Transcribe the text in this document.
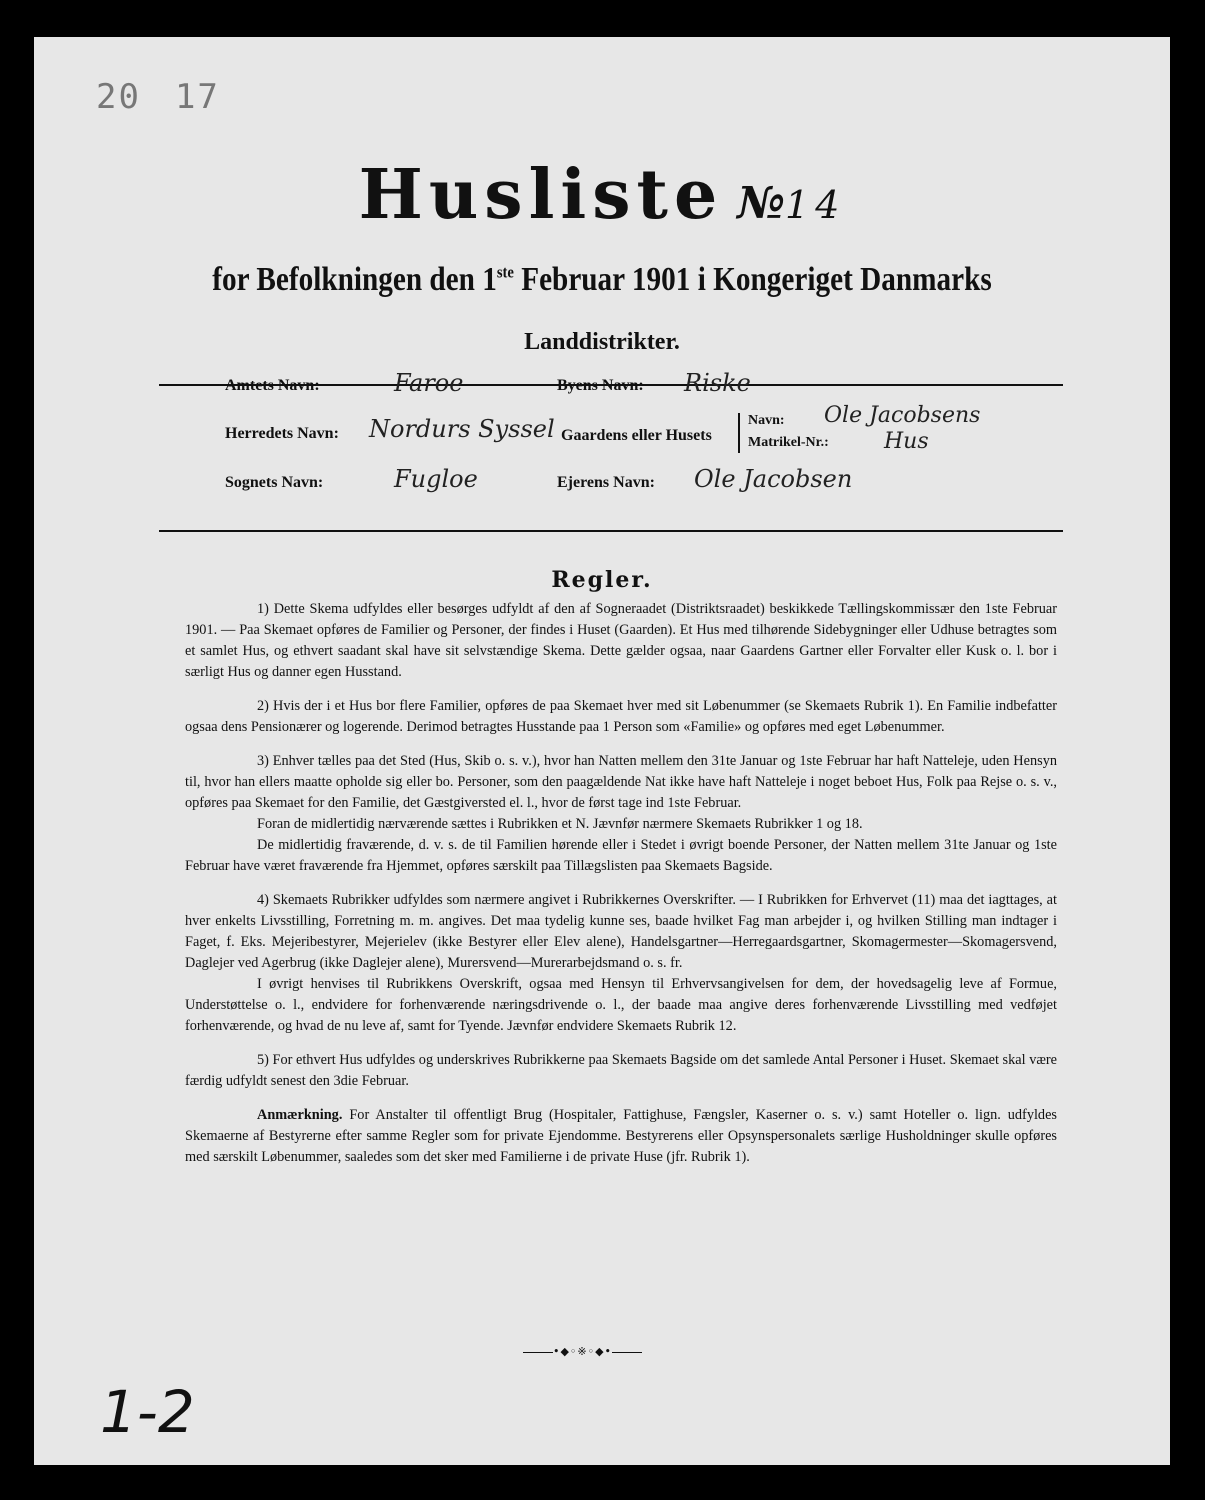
20 17
Husliste №14
for Befolkningen den 1ste Februar 1901 i Kongeriget Danmarks
Landdistrikter.
Amtets Navn:	Faroe	Byens Navn: Riske
Herredets Navn: Nordurs Syssel Gaardens eller Husets
Navn: Ole Jacobsens
Matrikel-Nr.:	Hus
Sognets Navn:	Fugloe	Ejerens Navn: Ole Jacobsen
Regler.

1) Dette Skema udfyldes eller besørges udfyldt af den af Sogneraadet (Distriktsraadet) beskikkede Tællingskommissær den 1ste Februar 1901. — Paa Skemaet opføres de Familier og Personer, der findes i Huset (Gaarden). Et Hus med tilhørende Sidebygninger eller Udhuse betragtes som et samlet Hus, og ethvert saadant skal have sit selvstændige Skema. Dette gælder ogsaa, naar Gaardens Gartner eller Forvalter eller Kusk o. l. bor i særligt Hus og danner egen Husstand.

2) Hvis der i et Hus bor flere Familier, opføres de paa Skemaet hver med sit Løbenummer (se Skemaets Rubrik 1). En Familie indbefatter ogsaa dens Pensionærer og logerende. Derimod betragtes Husstande paa 1 Person som «Familie» og opføres med eget Løbenummer.

3) Enhver tælles paa det Sted (Hus, Skib o. s. v.), hvor han Natten mellem den 31te Januar og 1ste Februar har haft Natteleje, uden Hensyn til, hvor han ellers maatte opholde sig eller bo. Personer, som den paagældende Nat ikke have haft Natteleje i noget beboet Hus, Folk paa Rejse o. s. v., opføres paa Skemaet for den Familie, det Gæstgiversted el. l., hvor de først tage ind 1ste Februar.

Foran de midlertidig nærværende sættes i Rubrikken et N. Jævnfør nærmere Skemaets Rubrikker 1 og 18.

De midlertidig fraværende, d. v. s. de til Familien hørende eller i Stedet i øvrigt boende Personer, der Natten mellem 31te Januar og 1ste Februar have været fraværende fra Hjemmet, opføres særskilt paa Tillægslisten paa Skemaets Bagside.

4) Skemaets Rubrikker udfyldes som nærmere angivet i Rubrikkernes Overskrifter. — I Rubrikken for Erhvervet (11) maa det iagttages, at hver enkelts Livsstilling, Forretning m. m. angives. Det maa tydelig kunne ses, baade hvilket Fag man arbejder i, og hvilken Stilling man indtager i Faget, f. Eks. Mejeribestyrer, Mejerielev (ikke Bestyrer eller Elev alene), Handelsgartner—Herregaardsgartner, Skomagermester—Skomagersvend, Daglejer ved Agerbrug (ikke Daglejer alene), Murersvend—Murerarbejdsmand o. s. fr.

I øvrigt henvises til Rubrikkens Overskrift, ogsaa med Hensyn til Erhvervsangivelsen for dem, der hovedsagelig leve af Formue, Understøttelse o. l., endvidere for forhenværende næringsdrivende o. l., der baade maa angive deres forhenværende Livsstilling med vedføjet forhenværende, og hvad de nu leve af, samt for Tyende. Jævnfør endvidere Skemaets Rubrik 12.

5) For ethvert Hus udfyldes og underskrives Rubrikkerne paa Skemaets Bagside om det samlede Antal Personer i Huset. Skemaet skal være færdig udfyldt senest den 3die Februar.

Anmærkning. For Anstalter til offentligt Brug (Hospitaler, Fattighuse, Fængsler, Kaserner o. s. v.) samt Hoteller o. lign. udfyldes Skemaerne af Bestyrerne efter samme Regler som for private Ejendomme. Bestyrerens eller Opsynspersonalets særlige Husholdninger skulle opføres med særskilt Løbenummer, saaledes som det sker med Familierne i de private Huse (jfr. Rubrik 1).

•◆◦※◦◆•
1-2
